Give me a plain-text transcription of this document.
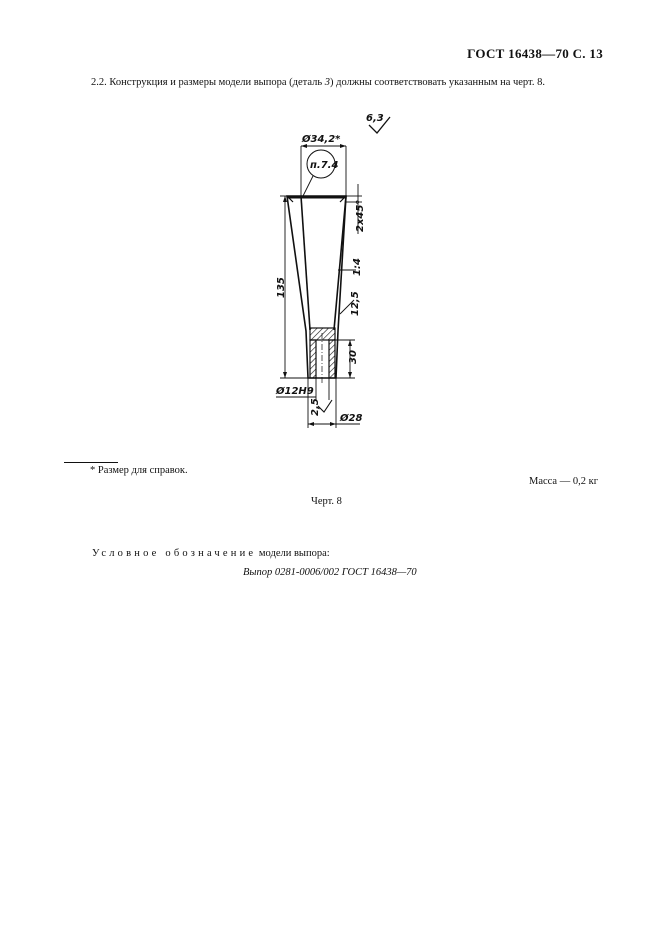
ГОСТ 16438—70 С. 13
2.2. Конструкция и размеры модели выпора (деталь 3) должны соответствовать указанным на черт. 8.
6,3
Ø34,2*
п.7.4
2x45°
1:4
12,5
135
30
Ø12H9
2,5
Ø28
* Размер для справок.
Масса — 0,2 кг
Черт. 8
Условное обозначение модели выпора:
Выпор 0281-0006/002 ГОСТ 16438—70
